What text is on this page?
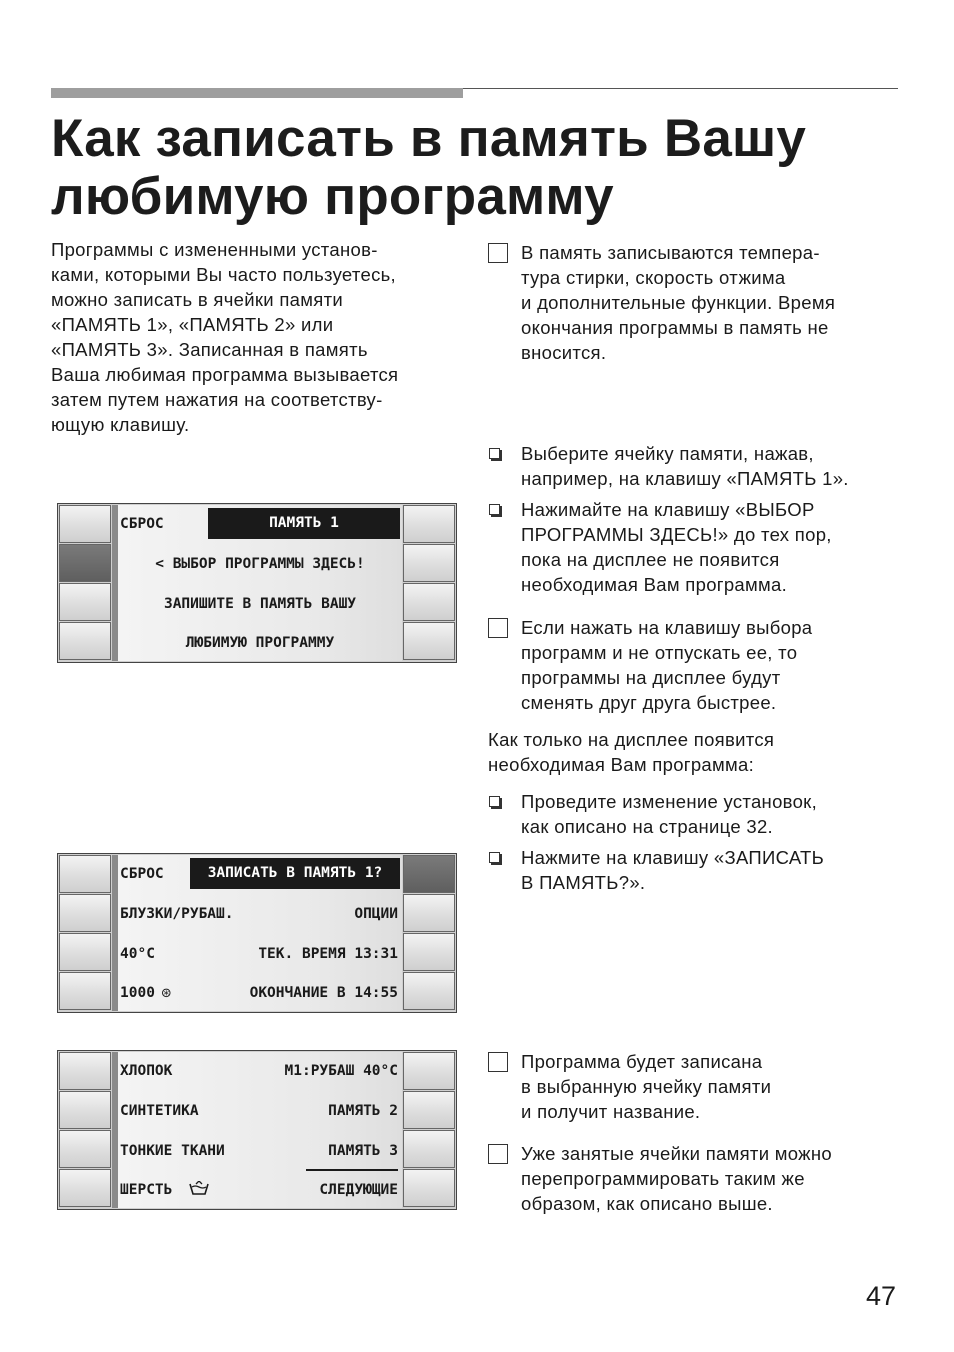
Как записать в память Вашу
любимую программу
Программы с измененными установ-
ками, которыми Вы часто пользуетесь,
можно записать в ячейки памяти
«ПАМЯТЬ 1», «ПАМЯТЬ 2» или
«ПАМЯТЬ 3». Записанная в память
Ваша любимая программа вызывается
затем путем нажатия на соответству-
ющую клавишу.
В память записываются темпера-
тура стирки, скорость отжима
и дополнительные функции. Время
окончания программы в память не
вносится.
Выберите ячейку памяти, нажав,
например, на клавишу «ПАМЯТЬ 1».
Нажимайте на клавишу «ВЫБОР
ПРОГРАММЫ ЗДЕСЬ!» до тех пор,
пока на дисплее не появится
необходимая Вам программа.
Если нажать на клавишу выбора
программ и не отпускать ее, то
программы на дисплее будут
сменять друг друга быстрее.
Как только на дисплее появится
необходимая Вам программа:
Проведите изменение установок,
как описано на странице 32.
Нажмите на клавишу «ЗАПИСАТЬ
В ПАМЯТЬ?».
Программа будет записана
в выбранную ячейку памяти
и получит название.
Уже занятые ячейки памяти можно
перепрограммировать таким же
образом, как описано выше.
СБРОС	ПАМЯТЬ 1
< ВЫБОР ПРОГРАММЫ ЗДЕСЬ!
ЗАПИШИТЕ В ПАМЯТЬ ВАШУ
ЛЮБИМУЮ ПРОГРАММУ
СБРОС	ЗАПИСАТЬ В ПАМЯТЬ 1?
БЛУЗКИ/РУБАШ.	ОПЦИИ
40°C	ТЕК. ВРЕМЯ 13:31
1000 ⊛	ОКОНЧАНИЕ В 14:55
ХЛОПОК	M1:РУБАШ 40°C
СИНТЕТИКА	ПАМЯТЬ 2
ТОНКИЕ ТКАНИ	ПАМЯТЬ 3
ШЕРСТЬ	СЛЕДУЮЩИЕ
47
